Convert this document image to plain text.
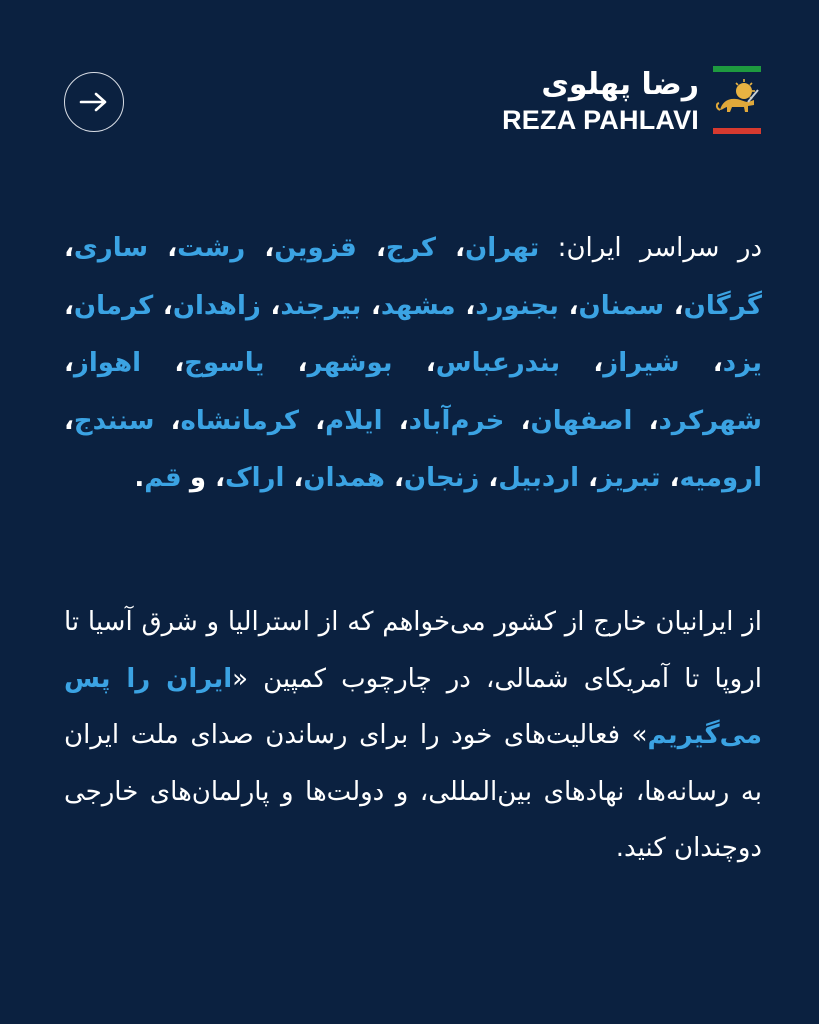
رضا پهلوی
REZA PAHLAVI
در سراسر ایران: تهران، کرج، قزوین، رشت، ساری، گرگان، سمنان، بجنورد، مشهد، بیرجند، زاهدان، کرمان، یزد، شیراز، بندرعباس، بوشهر، یاسوج، اهواز، شهرکرد، اصفهان، خرم‌آباد، ایلام، کرمانشاه، سنندج، ارومیه، تبریز، اردبیل، زنجان، همدان، اراک، و قم.
از ایرانیان خارج از کشور می‌خواهم که از استرالیا و شرق آسیا تا اروپا تا آمریکای شمالی، در چارچوب کمپین «ایران را پس می‌گیریم» فعالیت‌های خود را برای رساندن صدای ملت ایران به رسانه‌ها، نهادهای بین‌المللی، و دولت‌ها و پارلمان‌های خارجی دوچندان کنید.
